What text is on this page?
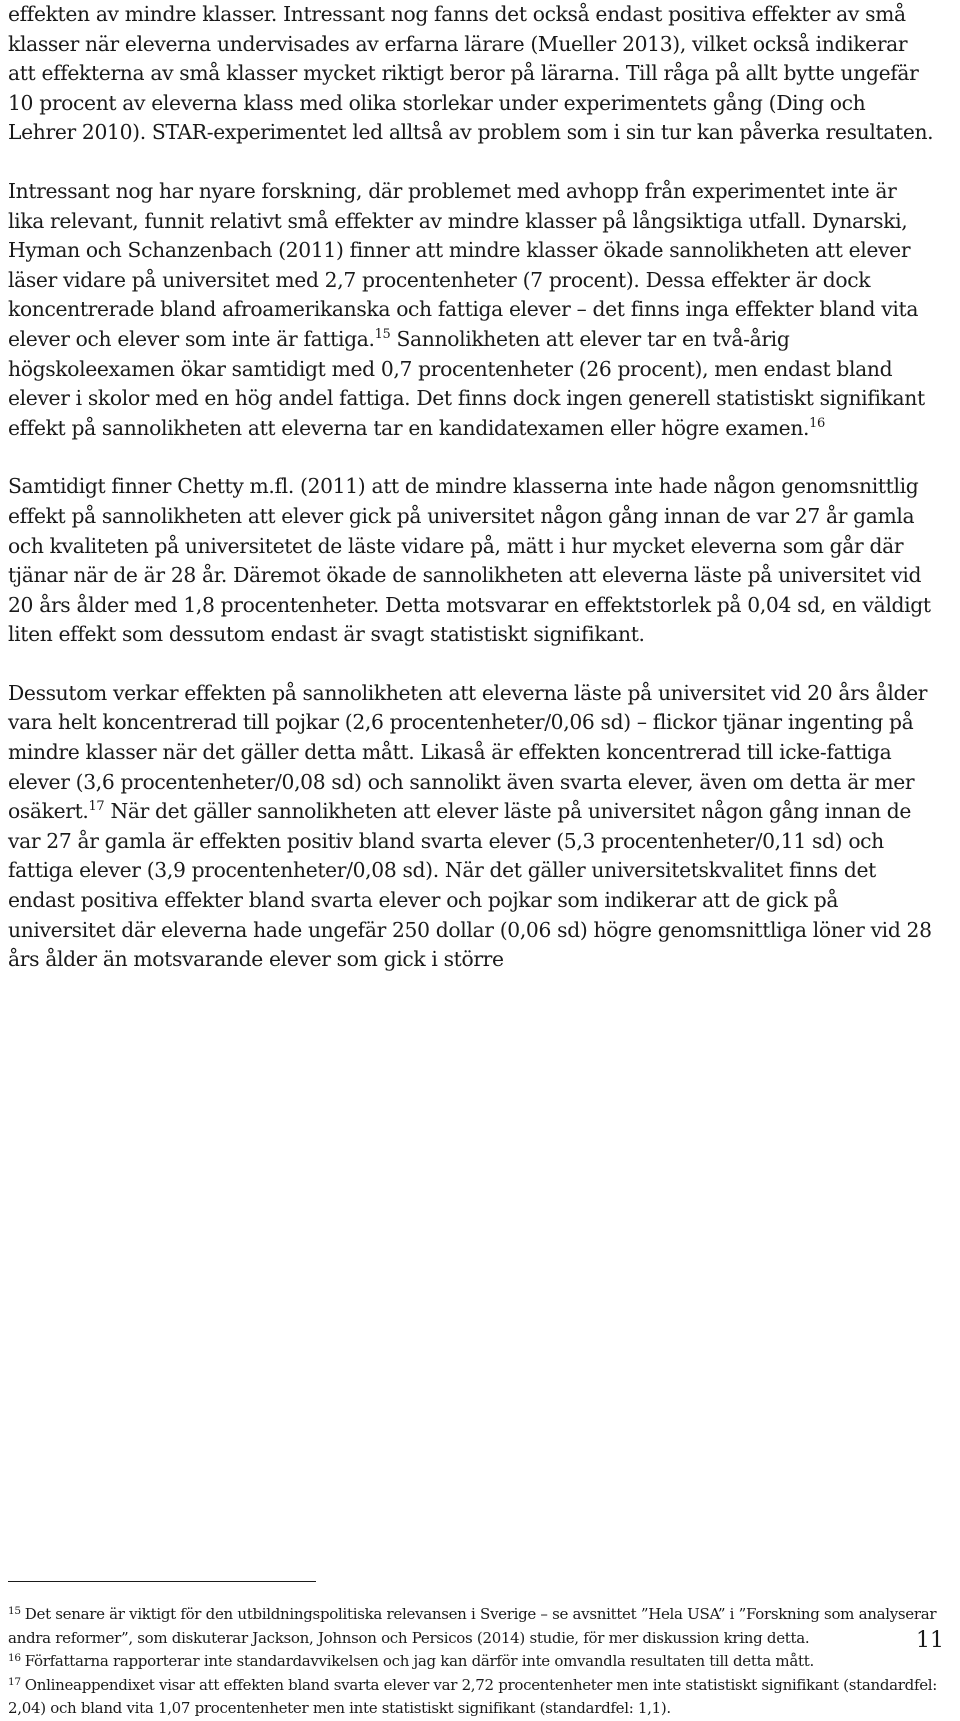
effekten av mindre klasser. Intressant nog fanns det också endast positiva effekter av små klasser när eleverna undervisades av erfarna lärare (Mueller 2013), vilket också indikerar att effekterna av små klasser mycket riktigt beror på lärarna. Till råga på allt bytte ungefär 10 procent av eleverna klass med olika storlekar under experimentets gång (Ding och Lehrer 2010). STAR-experimentet led alltså av problem som i sin tur kan påverka resultaten.

Intressant nog har nyare forskning, där problemet med avhopp från experimentet inte är lika relevant, funnit relativt små effekter av mindre klasser på långsiktiga utfall. Dynarski, Hyman och Schanzenbach (2011) finner att mindre klasser ökade sannolikheten att elever läser vidare på universitet med 2,7 procentenheter (7 procent). Dessa effekter är dock koncentrerade bland afroamerikanska och fattiga elever – det finns inga effekter bland vita elever och elever som inte är fattiga.$^{15}$ Sannolikheten att elever tar en två-årig högskoleexamen ökar samtidigt med 0,7 procentenheter (26 procent), men endast bland elever i skolor med en hög andel fattiga. Det finns dock ingen generell statistiskt signifikant effekt på sannolikheten att eleverna tar en kandidatexamen eller högre examen.$^{16}$

Samtidigt finner Chetty m.fl. (2011) att de mindre klasserna inte hade någon genomsnittlig effekt på sannolikheten att elever gick på universitet någon gång innan de var 27 år gamla och kvaliteten på universitetet de läste vidare på, mätt i hur mycket eleverna som går där tjänar när de är 28 år. Däremot ökade de sannolikheten att eleverna läste på universitet vid 20 års ålder med 1,8 procentenheter. Detta motsvarar en effektstorlek på 0,04 sd, en väldigt liten effekt som dessutom endast är svagt statistiskt signifikant.

Dessutom verkar effekten på sannolikheten att eleverna läste på universitet vid 20 års ålder vara helt koncentrerad till pojkar (2,6 procentenheter/0,06 sd) – flickor tjänar ingenting på mindre klasser när det gäller detta mått. Likaså är effekten koncentrerad till icke-fattiga elever (3,6 procentenheter/0,08 sd) och sannolikt även svarta elever, även om detta är mer osäkert.$^{17}$ När det gäller sannolikheten att elever läste på universitet någon gång innan de var 27 år gamla är effekten positiv bland svarta elever (5,3 procentenheter/0,11 sd) och fattiga elever (3,9 procentenheter/0,08 sd). När det gäller universitetskvalitet finns det endast positiva effekter bland svarta elever och pojkar som indikerar att de gick på universitet där eleverna hade ungefär 250 dollar (0,06 sd) högre genomsnittliga löner vid 28 års ålder än motsvarande elever som gick i större

$^{15}$ Det senare är viktigt för den utbildningspolitiska relevansen i Sverige – se avsnittet ”Hela USA” i ”Forskning som analyserar andra reformer”, som diskuterar Jackson, Johnson och Persicos (2014) studie, för mer diskussion kring detta.

$^{16}$ Författarna rapporterar inte standardavvikelsen och jag kan därför inte omvandla resultaten till detta mått.

$^{17}$ Onlineappendixet visar att effekten bland svarta elever var 2,72 procentenheter men inte statistiskt signifikant (standardfel: 2,04) och bland vita 1,07 procentenheter men inte statistiskt signifikant (standardfel: 1,1).

11
